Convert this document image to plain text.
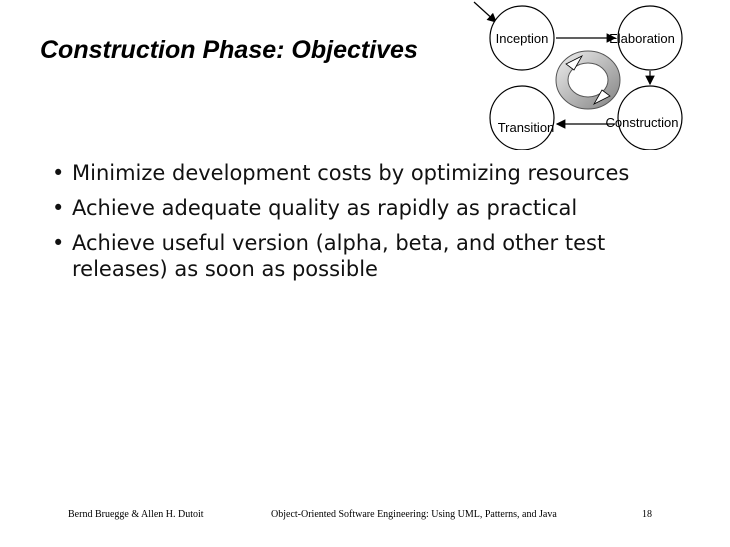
Construction Phase: Objectives	Inception	Elaboration
Construction
Transition
• Minimize development costs by optimizing resources
• Achieve adequate quality as rapidly as practical
• Achieve useful version (alpha, beta, and other test releases) as soon as possible
Bernd Bruegge & Allen H. Dutoit	Object-Oriented Software Engineering: Using UML, Patterns, and Java	18
